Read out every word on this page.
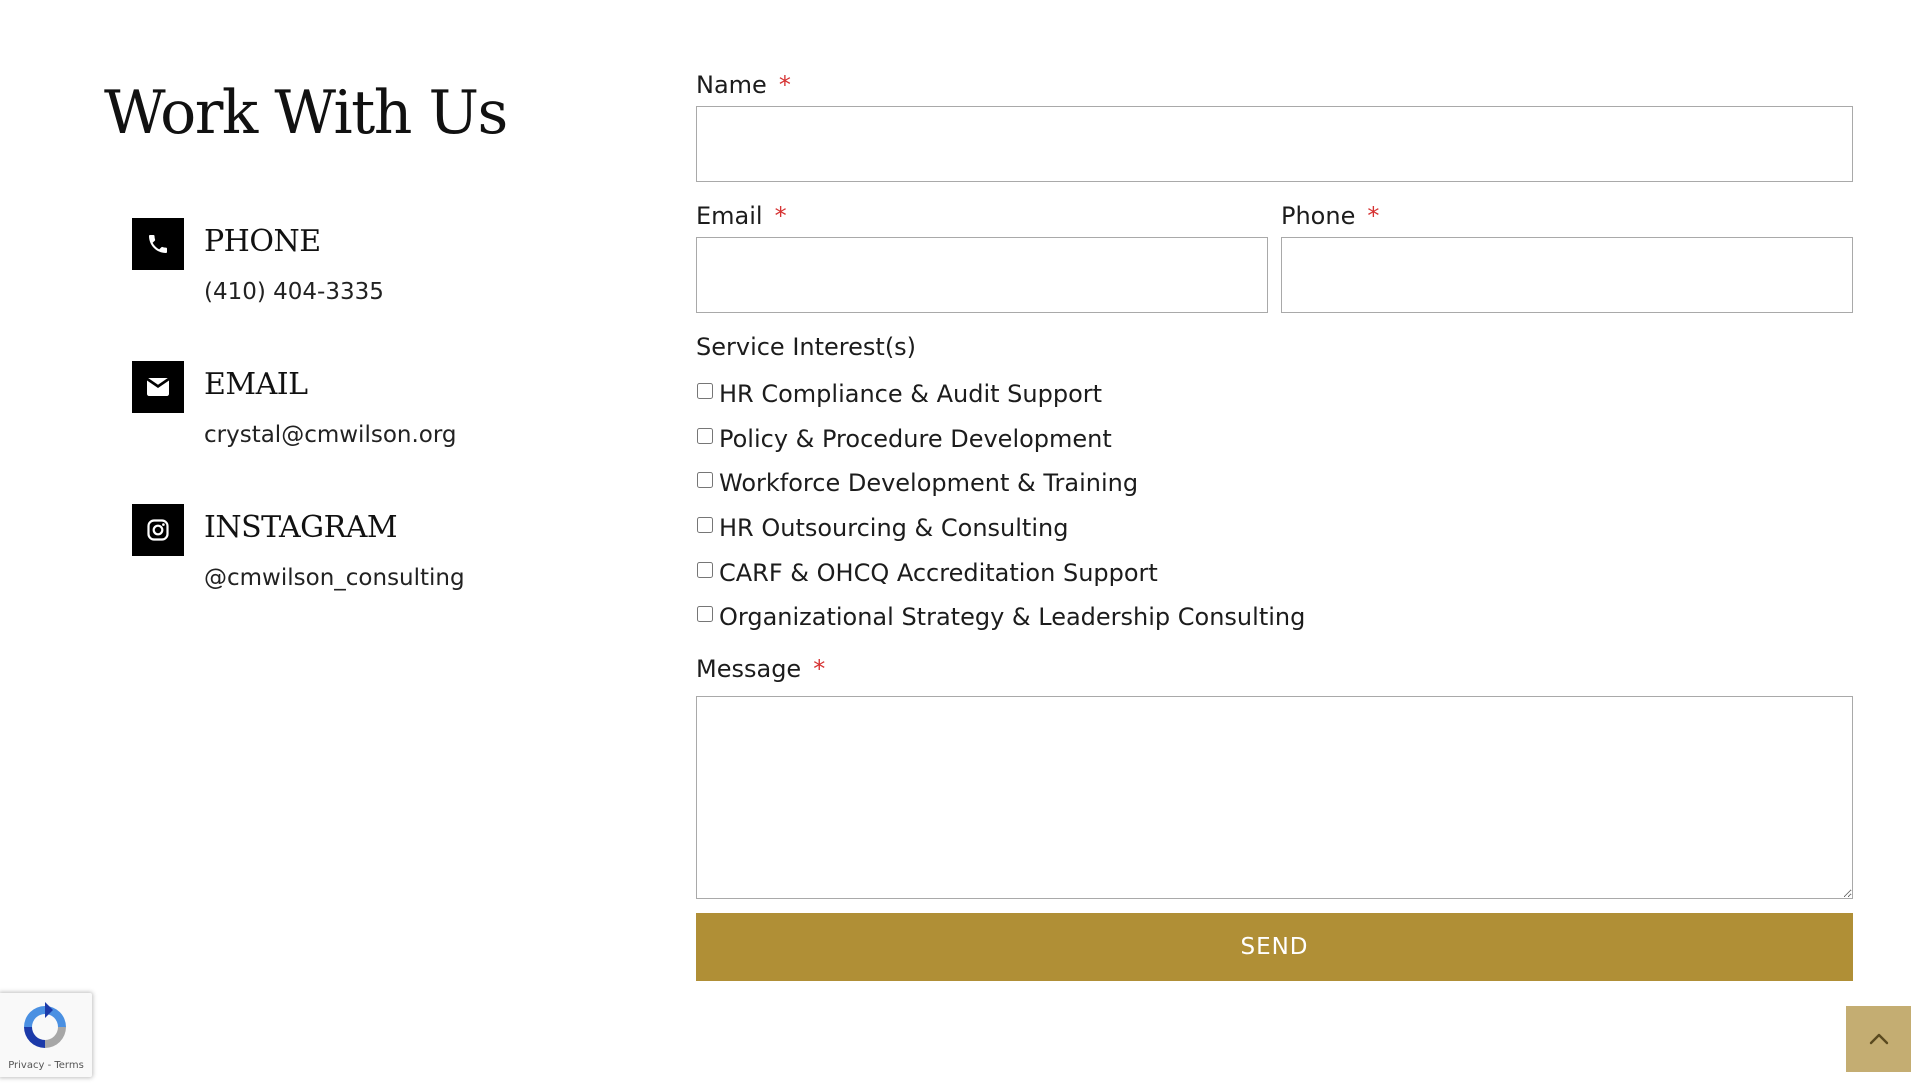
Work With Us
PHONE
(410) 404-3335
EMAIL
crystal@cmwilson.org
INSTAGRAM
@cmwilson_consulting
Name *
Email *	Phone *
Service Interest(s)
HR Compliance & Audit Support
Policy & Procedure Development
Workforce Development & Training
HR Outsourcing & Consulting
CARF & OHCQ Accreditation Support
Organizational Strategy & Leadership Consulting
Message *
SEND
Privacy - Terms
